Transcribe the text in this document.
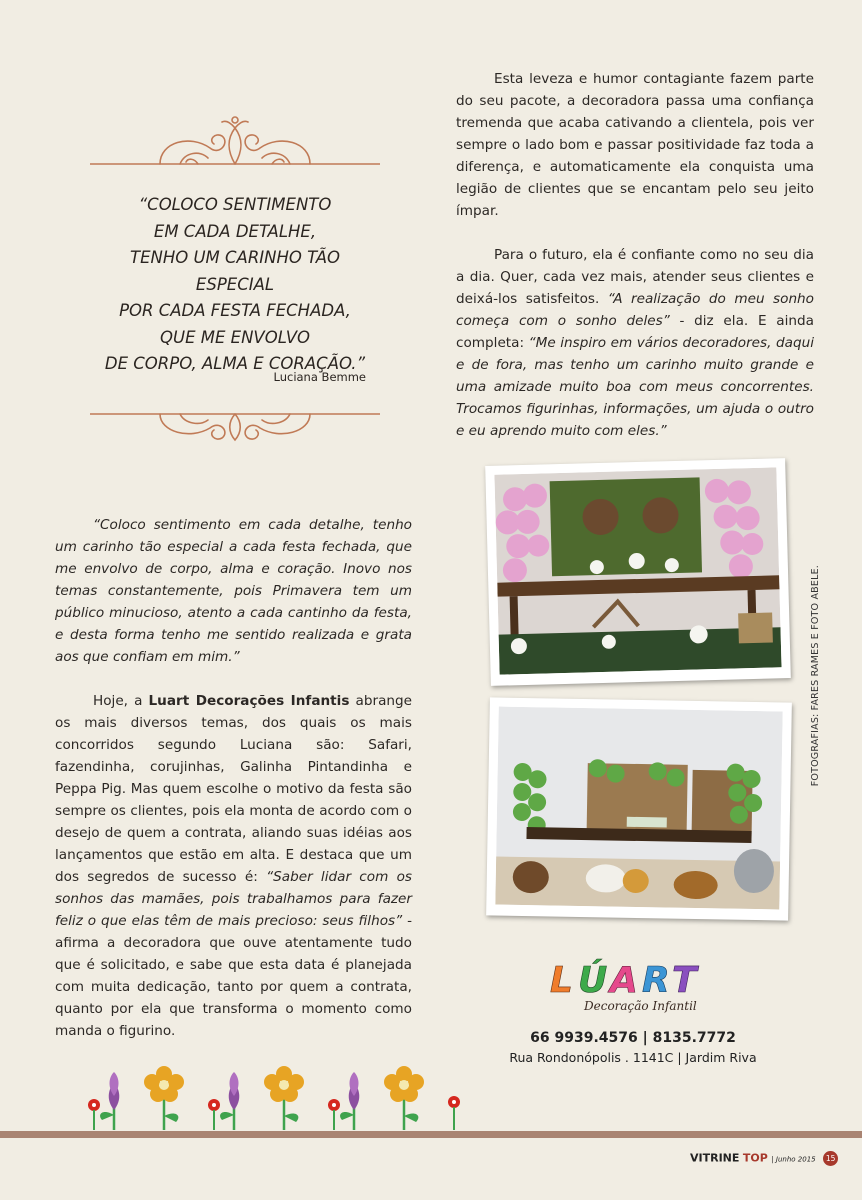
Esta leveza e humor contagiante fazem parte do seu pacote, a decoradora passa uma confiança tremenda que acaba cativando a clientela, pois ver sempre o lado bom e passar positividade faz toda a diferença, e automaticamente ela conquista uma legião de clientes que se encantam pelo seu jeito ímpar.

Para o futuro, ela é confiante como no seu dia a dia. Quer, cada vez mais, atender seus clientes e deixá-los satisfeitos. “A realização do meu sonho começa com o sonho deles” - diz ela. E ainda completa: “Me inspiro em vários decoradores, daqui e de fora, mas tenho um carinho muito grande e uma amizade muito boa com meus concorrentes. Trocamos figurinhas, informações, um ajuda o outro e eu aprendo muito com eles.”

“COLOCO SENTIMENTO
EM CADA DETALHE,
TENHO UM CARINHO TÃO ESPECIAL
POR CADA FESTA FECHADA,
QUE ME ENVOLVO
DE CORPO, ALMA E CORAÇÃO.”
Luciana Bemme

“Coloco sentimento em cada detalhe, tenho um carinho tão especial a cada festa fechada, que me envolvo de corpo, alma e coração. Inovo nos temas constantemente, pois Primavera tem um público minucioso, atento a cada cantinho da festa, e desta forma tenho me sentido realizada e grata aos que confiam em mim.”

Hoje, a Luart Decorações Infantis abrange os mais diversos temas, dos quais os mais concorridos segundo Luciana são: Safari, fazendinha, corujinhas, Galinha Pintandinha e Peppa Pig. Mas quem escolhe o motivo da festa são sempre os clientes, pois ela monta de acordo com o desejo de quem a contrata, aliando suas idéias aos lançamentos que estão em alta. E destaca que um dos segredos de sucesso é: “Saber lidar com os sonhos das mamães, pois trabalhamos para fazer feliz o que elas têm de mais precioso: seus filhos” - afirma a decoradora que ouve atentamente tudo que é solicitado, e sabe que esta data é planejada com muita dedicação, tanto por quem a contrata, quanto por ela que transforma o momento como manda o figurino.

FOTOGRAFIAS: FARES RAMES E FOTO ABELE.
L Ú A R T
Decoração Infantil
66 9939.4576 | 8135.7772
Rua Rondonópolis . 1141C | Jardim Riva
VITRINE TOP | Junho 2015 15
